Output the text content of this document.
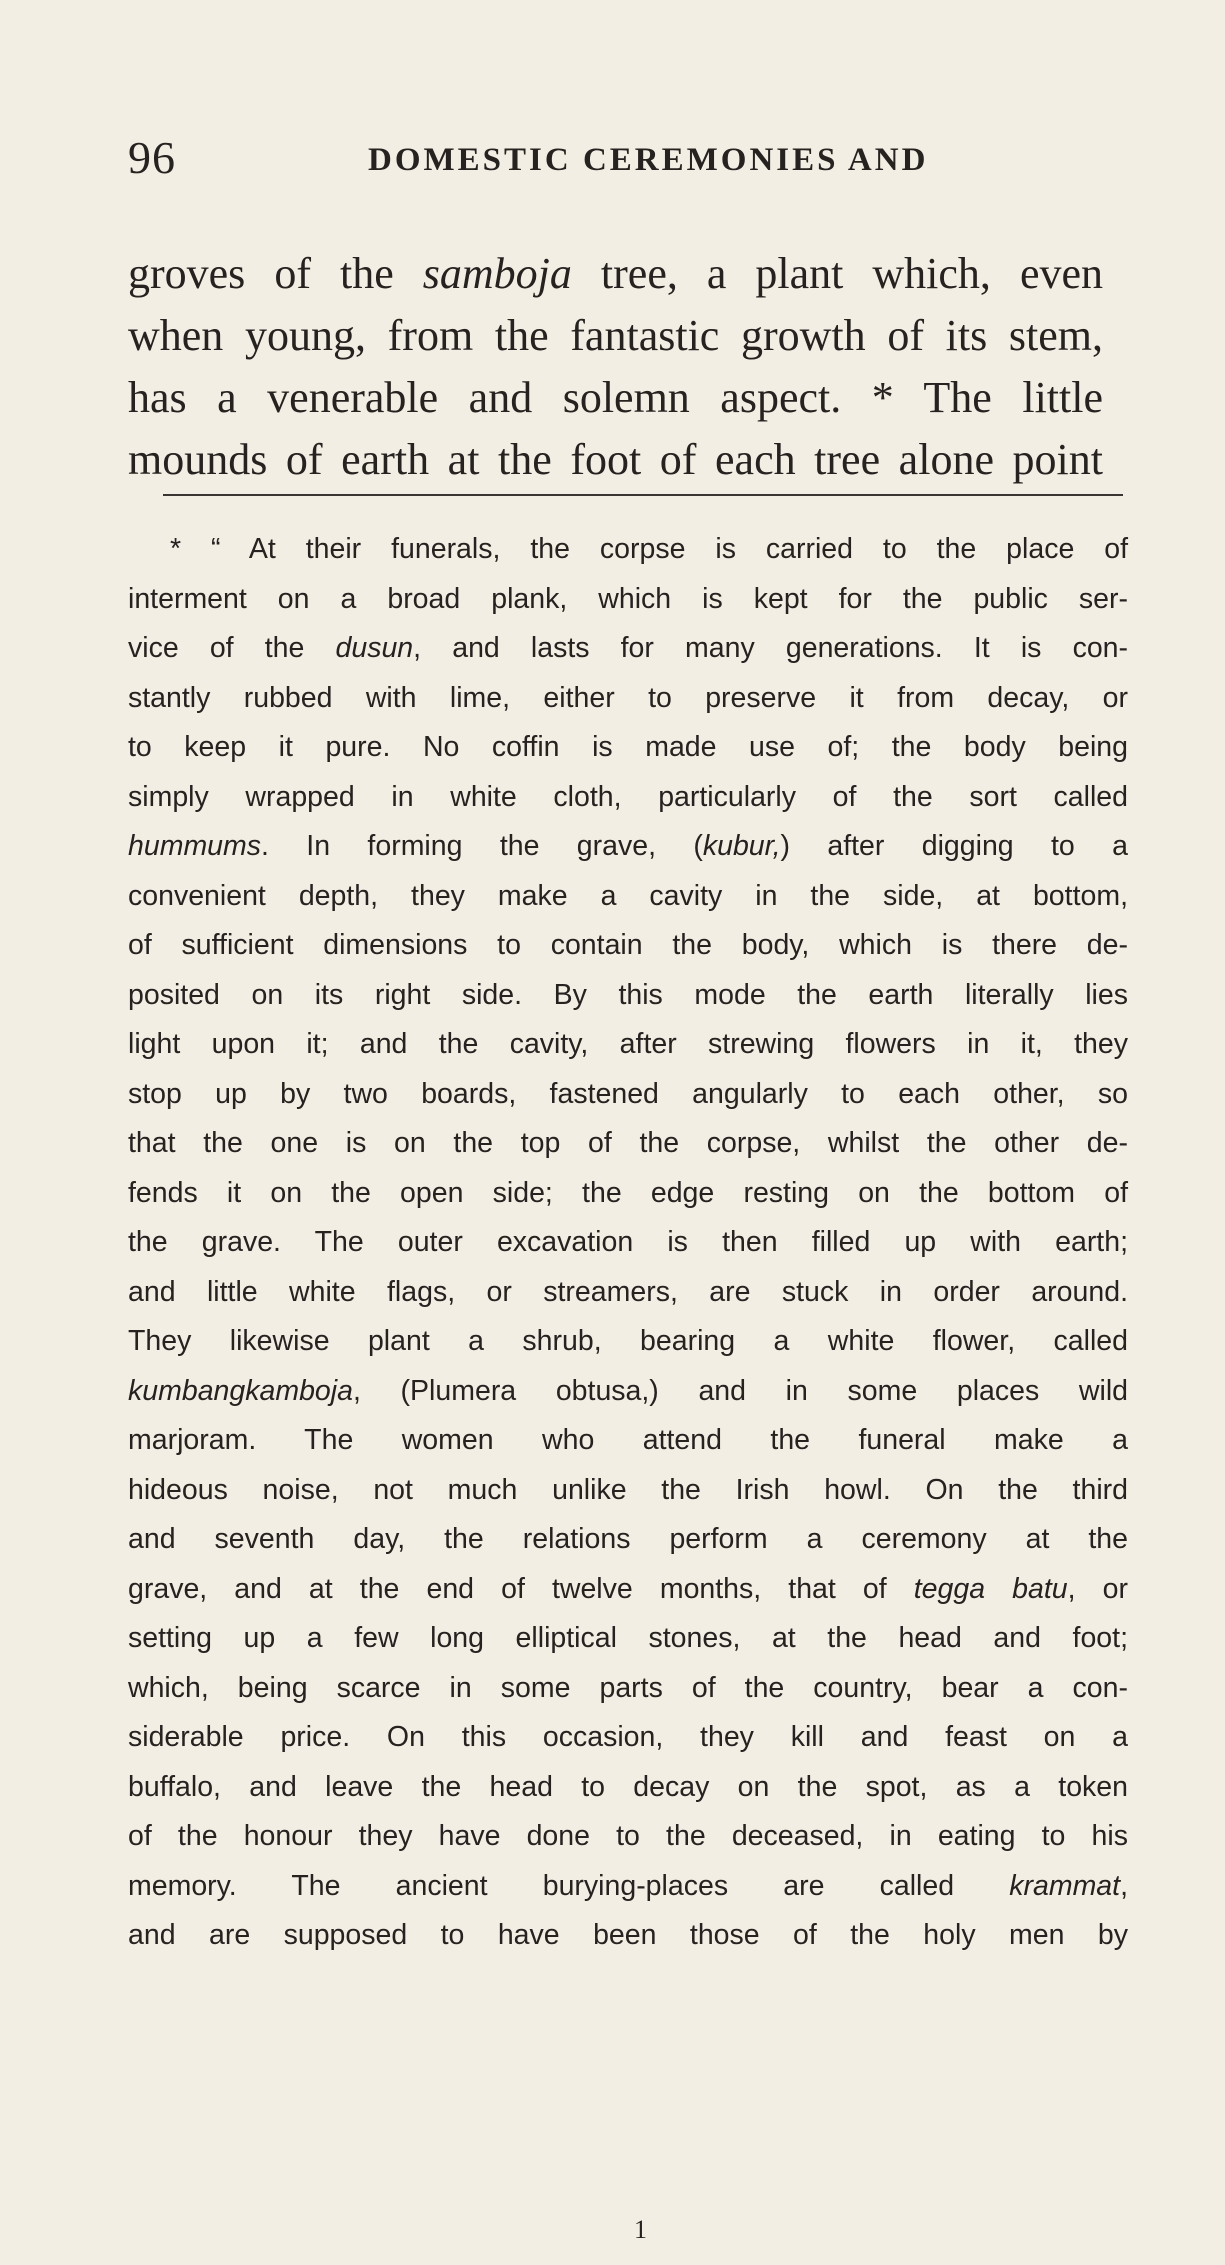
96	DOMESTIC CEREMONIES AND
groves of the samboja tree, a plant which, even
when young, from the fantastic growth of its stem,
has a venerable and solemn aspect. * The little
mounds of earth at the foot of each tree alone point
* “ At their funerals, the corpse is carried to the place of
interment on a broad plank, which is kept for the public ser-
vice of the dusun, and lasts for many generations. It is con-
stantly rubbed with lime, either to preserve it from decay, or
to keep it pure. No coffin is made use of; the body being
simply wrapped in white cloth, particularly of the sort called
hummums. In forming the grave, (kubur,) after digging to a
convenient depth, they make a cavity in the side, at bottom,
of sufficient dimensions to contain the body, which is there de-
posited on its right side. By this mode the earth literally lies
light upon it; and the cavity, after strewing flowers in it, they
stop up by two boards, fastened angularly to each other, so
that the one is on the top of the corpse, whilst the other de-
fends it on the open side; the edge resting on the bottom of
the grave. The outer excavation is then filled up with earth;
and little white flags, or streamers, are stuck in order around.
They likewise plant a shrub, bearing a white flower, called
kumbangkamboja, (Plumera obtusa,) and in some places wild
marjoram. The women who attend the funeral make a
hideous noise, not much unlike the Irish howl. On the third
and seventh day, the relations perform a ceremony at the
grave, and at the end of twelve months, that of tegga batu, or
setting up a few long elliptical stones, at the head and foot;
which, being scarce in some parts of the country, bear a con-
siderable price. On this occasion, they kill and feast on a
buffalo, and leave the head to decay on the spot, as a token
of the honour they have done to the deceased, in eating to his
memory. The ancient burying-places are called krammat,
and are supposed to have been those of the holy men by
1
